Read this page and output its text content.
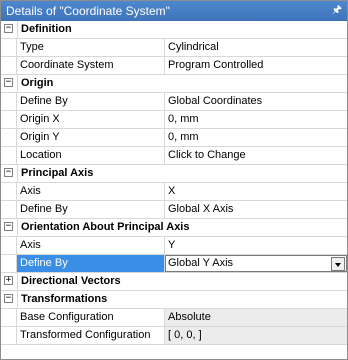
Details of "Coordinate System"	🖈︎
− Definition
Type	Cylindrical
Coordinate System	Program Controlled
− Origin
Define By	Global Coordinates
Origin X	0, mm
Origin Y	0, mm
Location	Click to Change
− Principal Axis
Axis	X
Define By	Global X Axis
− Orientation About Principal Axis
Axis	Y
Define By	Global Y Axis
+ Directional Vectors
− Transformations
Base Configuration	Absolute
Transformed Configuration	[ 0, 0, ]
